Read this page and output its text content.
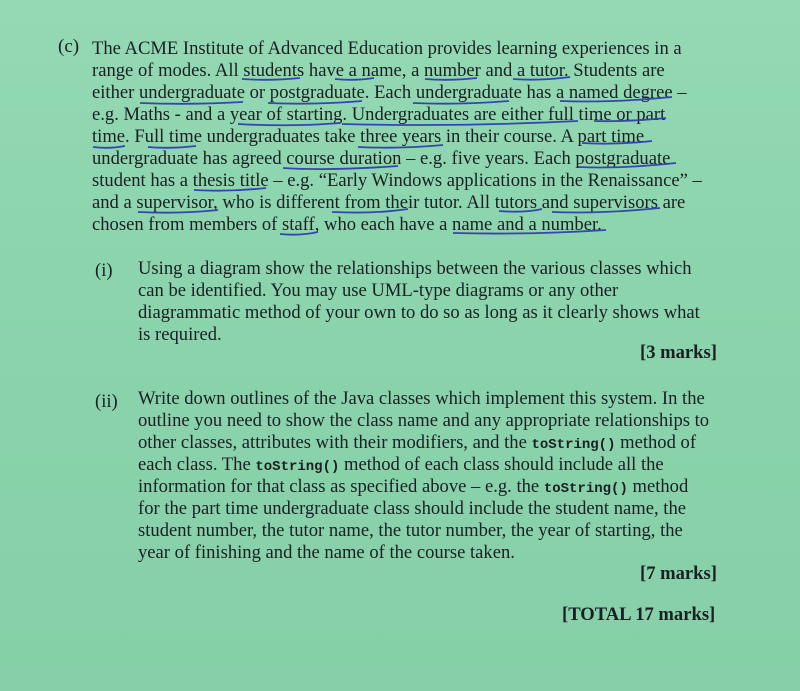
(c) The ACME Institute of Advanced Education provides learning experiences in a
range of modes. All students have a name, a number and a tutor. Students are
either undergraduate or postgraduate. Each undergraduate has a named degree –
e.g. Maths - and a year of starting. Undergraduates are either full time or part
time. Full time undergraduates take three years in their course. A part time
undergraduate has agreed course duration – e.g. five years. Each postgraduate
student has a thesis title – e.g. “Early Windows applications in the Renaissance” –
and a supervisor, who is different from their tutor. All tutors and supervisors are
chosen from members of staff, who each have a name and a number.
(i) Using a diagram show the relationships between the various classes which
can be identified. You may use UML-type diagrams or any other
diagrammatic method of your own to do so as long as it clearly shows what
is required.
[3 marks]
(ii) Write down outlines of the Java classes which implement this system. In the
outline you need to show the class name and any appropriate relationships to
other classes, attributes with their modifiers, and the toString() method of
each class. The toString() method of each class should include all the
information for that class as specified above – e.g. the toString() method
for the part time undergraduate class should include the student name, the
student number, the tutor name, the tutor number, the year of starting, the
year of finishing and the name of the course taken.
[7 marks]
[TOTAL 17 marks]
